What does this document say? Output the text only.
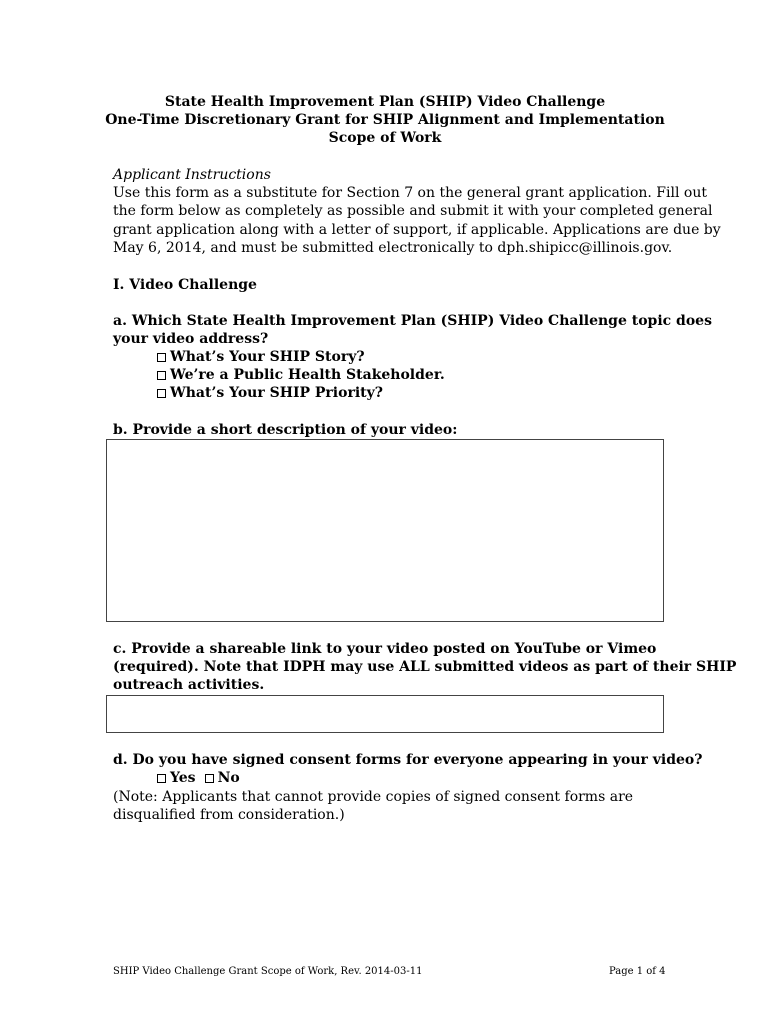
State Health Improvement Plan (SHIP) Video Challenge
One-Time Discretionary Grant for SHIP Alignment and Implementation
Scope of Work
Applicant Instructions
Use this form as a substitute for Section 7 on the general grant application. Fill out
the form below as completely as possible and submit it with your completed general
grant application along with a letter of support, if applicable. Applications are due by
May 6, 2014, and must be submitted electronically to dph.shipicc@illinois.gov.
I. Video Challenge
a. Which State Health Improvement Plan (SHIP) Video Challenge topic does
your video address?
What’s Your SHIP Story?
We’re a Public Health Stakeholder.
What’s Your SHIP Priority?
b. Provide a short description of your video:
c. Provide a shareable link to your video posted on YouTube or Vimeo
(required). Note that IDPH may use ALL submitted videos as part of their SHIP
outreach activities.
d. Do you have signed consent forms for everyone appearing in your video?
Yes No
(Note: Applicants that cannot provide copies of signed consent forms are
disqualified from consideration.)
SHIP Video Challenge Grant Scope of Work, Rev. 2014-03-11	Page 1 of 4
